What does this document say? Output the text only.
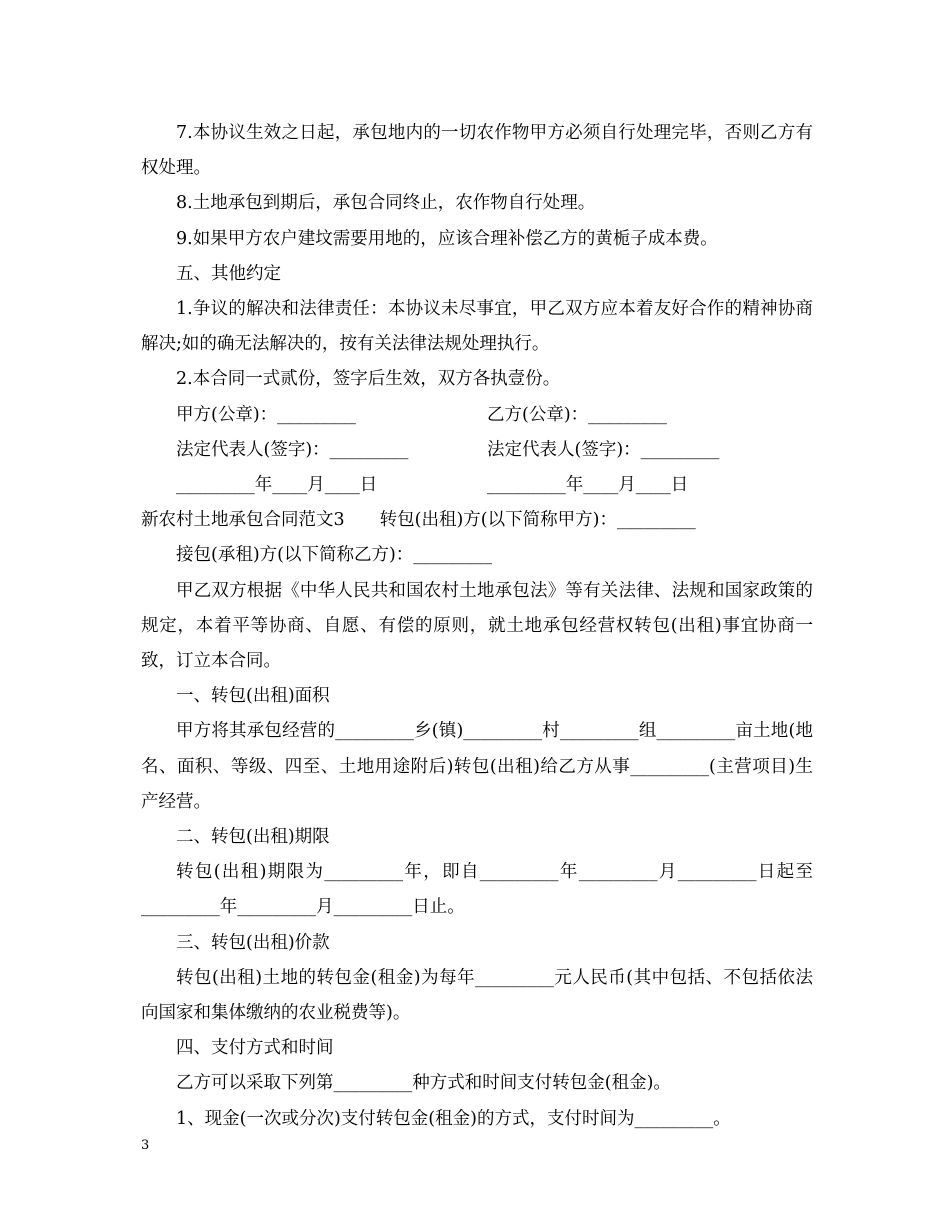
7.本协议生效之日起，承包地内的一切农作物甲方必须自行处理完毕，否则乙方有权处理。

8.土地承包到期后，承包合同终止，农作物自行处理。

9.如果甲方农户建坟需要用地的，应该合理补偿乙方的黄栀子成本费。

五、其他约定

1.争议的解决和法律责任：本协议未尽事宜，甲乙双方应本着友好合作的精神协商解决;如的确无法解决的，按有关法律法规处理执行。

2.本合同一式贰份，签字后生效，双方各执壹份。

甲方(公章)：_________	乙方(公章)：_________
法定代表人(签字)：_________	法定代表人(签字)：_________
_________年____月____日	_________年____月____日

新农村土地承包合同范文3　　转包(出租)方(以下简称甲方)：_________

接包(承租)方(以下简称乙方)：_________

甲乙双方根据《中华人民共和国农村土地承包法》等有关法律、法规和国家政策的规定，本着平等协商、自愿、有偿的原则，就土地承包经营权转包(出租)事宜协商一致，订立本合同。

一、转包(出租)面积

甲方将其承包经营的_________乡(镇)_________村_________组_________亩土地(地名、面积、等级、四至、土地用途附后)转包(出租)给乙方从事_________(主营项目)生产经营。

二、转包(出租)期限

转包(出租)期限为_________年，即自_________年_________月_________日起至_________年_________月_________日止。

三、转包(出租)价款

转包(出租)土地的转包金(租金)为每年_________元人民币(其中包括、不包括依法向国家和集体缴纳的农业税费等)。

四、支付方式和时间

乙方可以采取下列第_________种方式和时间支付转包金(租金)。

1、现金(一次或分次)支付转包金(租金)的方式，支付时间为_________。

3
